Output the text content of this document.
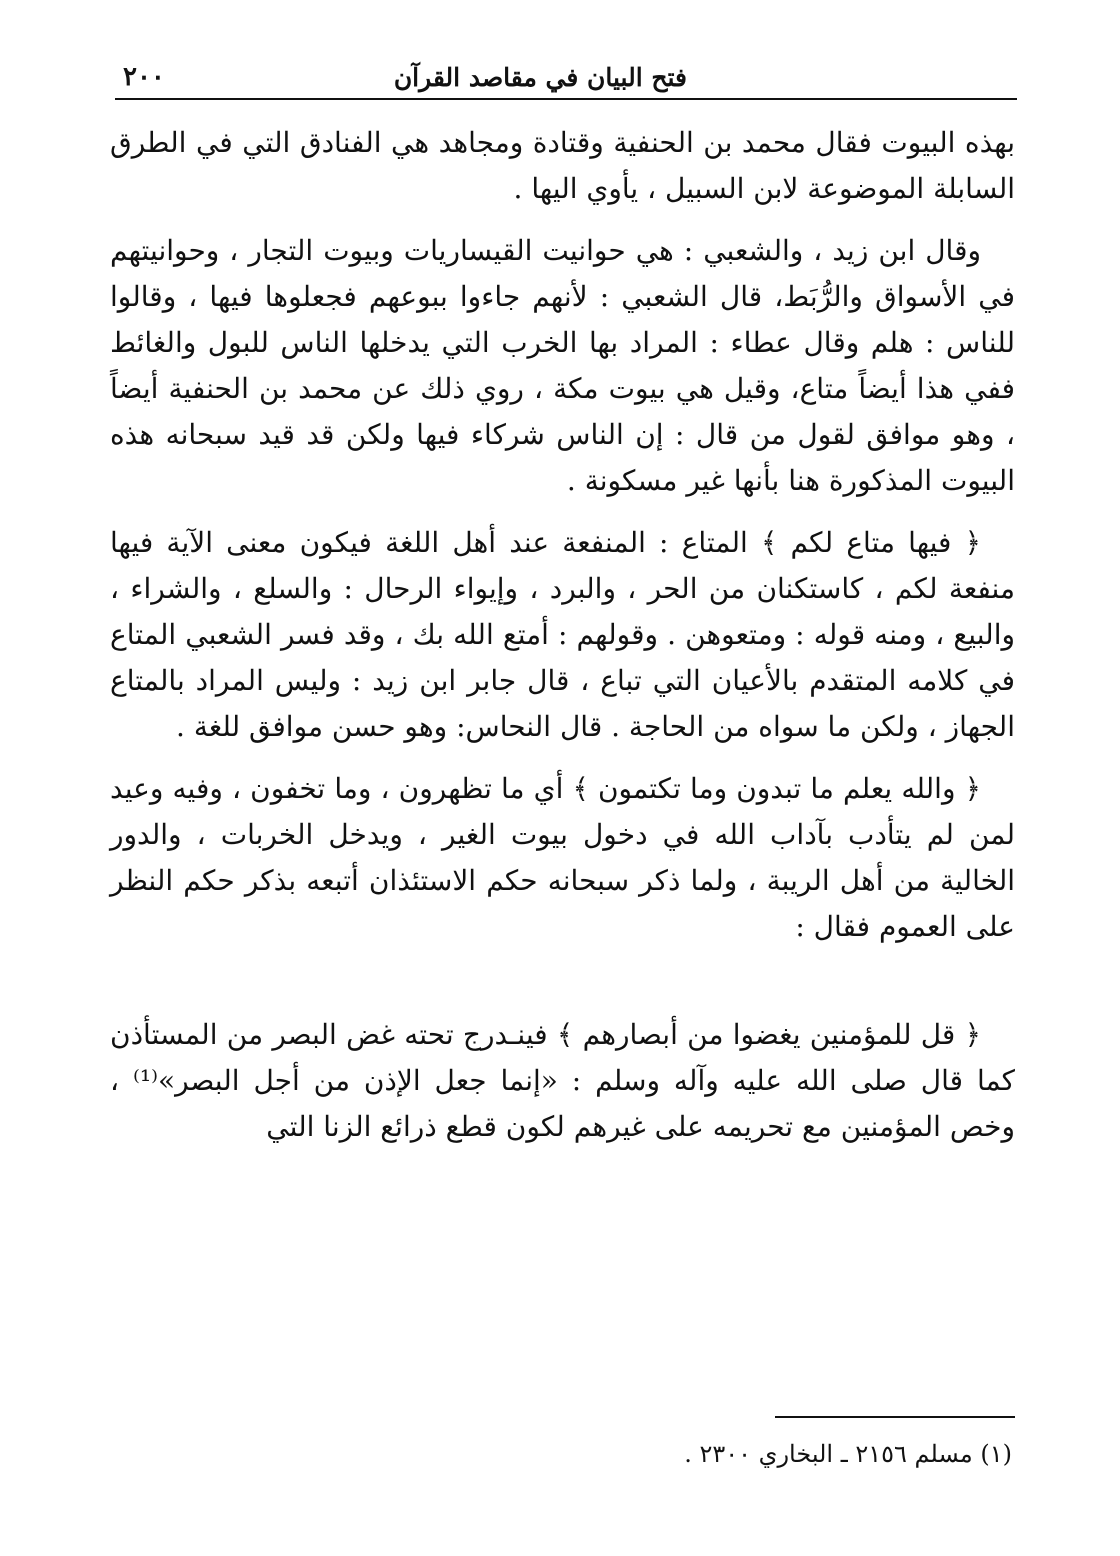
٢٠٠	فتح البيان في مقاصد القرآن

بهذه البيوت فقال محمد بن الحنفية وقتادة ومجاهد هي الفنادق التي في الطرق السابلة الموضوعة لابن السبيل ، يأوي اليها .

وقال ابن زيد ، والشعبي : هي حوانيت القيساريات وبيوت التجار ، وحوانيتهم في الأسواق والرُّبَط، قال الشعبي : لأنهم جاءوا ببوعهم فجعلوها فيها ، وقالوا للناس : هلم وقال عطاء : المراد بها الخرب التي يدخلها الناس للبول والغائط ففي هذا أيضاً متاع، وقيل هي بيوت مكة ، روي ذلك عن محمد بن الحنفية أيضاً ، وهو موافق لقول من قال : إن الناس شركاء فيها ولكن قد قيد سبحانه هذه البيوت المذكورة هنا بأنها غير مسكونة .

﴿ فيها متاع لكم ﴾ المتاع : المنفعة عند أهل اللغة فيكون معنى الآية فيها منفعة لكم ، كاستكنان من الحر ، والبرد ، وإيواء الرحال : والسلع ، والشراء ، والبيع ، ومنه قوله : ومتعوهن . وقولهم : أمتع الله بك ، وقد فسر الشعبي المتاع في كلامه المتقدم بالأعيان التي تباع ، قال جابر ابن زيد : وليس المراد بالمتاع الجهاز ، ولكن ما سواه من الحاجة . قال النحاس: وهو حسن موافق للغة .

﴿ والله يعلم ما تبدون وما تكتمون ﴾ أي ما تظهرون ، وما تخفون ، وفيه وعيد لمن لم يتأدب بآداب الله في دخول بيوت الغير ، ويدخل الخربات ، والدور الخالية من أهل الريبة ، ولما ذكر سبحانه حكم الاستئذان أتبعه بذكر حكم النظر على العموم فقال :

﴿ قل للمؤمنين يغضوا من أبصارهم ﴾ فينـدرج تحته غض البصر من المستأذن كما قال صلى الله عليه وآله وسلم : «إنما جعل الإذن من أجل البصر»⁽¹⁾ ، وخص المؤمنين مع تحريمه على غيرهم لكون قطع ذرائع الزنا التي

(١) مسلم ٢١٥٦ ـ البخاري ٢٣٠٠ .
